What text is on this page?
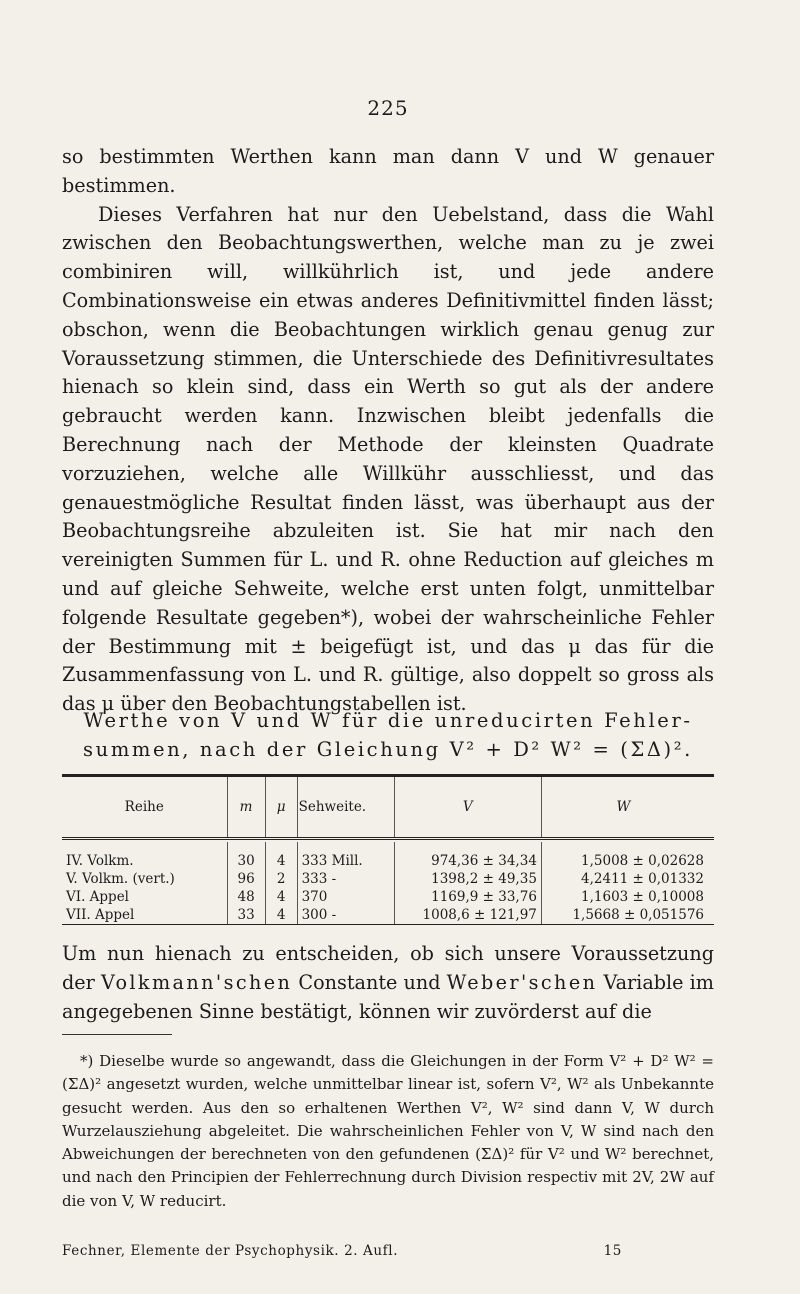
225

so bestimmten Werthen kann man dann V und W genauer bestimmen.

Dieses Verfahren hat nur den Uebelstand, dass die Wahl zwischen den Beobachtungswerthen, welche man zu je zwei combiniren will, willkührlich ist, und jede andere Combinationsweise ein etwas anderes Definitivmittel finden lässt; obschon, wenn die Beobachtungen wirklich genau genug zur Voraussetzung stimmen, die Unterschiede des Definitivresultates hienach so klein sind, dass ein Werth so gut als der andere gebraucht werden kann. Inzwischen bleibt jedenfalls die Berechnung nach der Methode der kleinsten Quadrate vorzuziehen, welche alle Willkühr ausschliesst, und das genauestmögliche Resultat finden lässt, was überhaupt aus der Beobachtungsreihe abzuleiten ist. Sie hat mir nach den vereinigten Summen für L. und R. ohne Reduction auf gleiches m und auf gleiche Sehweite, welche erst unten folgt, unmittelbar folgende Resultate gegeben*), wobei der wahrscheinliche Fehler der Bestimmung mit ± beigefügt ist, und das μ das für die Zusammenfassung von L. und R. gültige, also doppelt so gross als das μ über den Beobachtungstabellen ist.

Werthe von V und W für die unreducirten Fehler-
summen, nach der Gleichung V² + D² W² = (ΣΔ)².
Reihe	m	μ	Sehweite.	V	W

IV. Volkm.	30	4	333 Mill.	974,36 ± 34,34	1,5008 ± 0,02628
V. Volkm. (vert.)	96	2	333 -	1398,2 ± 49,35	4,2411 ± 0,01332
VI. Appel	48	4	370	1169,9 ± 33,76	1,1603 ± 0,10008
VII. Appel	33	4	300 -	1008,6 ± 121,97	1,5668 ± 0,051576

Um nun hienach zu entscheiden, ob sich unsere Voraussetzung der Volkmann'schen Constante und Weber'schen Variable im angegebenen Sinne bestätigt, können wir zuvörderst auf die

*) Dieselbe wurde so angewandt, dass die Gleichungen in der Form V² + D² W² = (ΣΔ)² angesetzt wurden, welche unmittelbar linear ist, sofern V², W² als Unbekannte gesucht werden. Aus den so erhaltenen Werthen V², W² sind dann V, W durch Wurzelausziehung abgeleitet. Die wahrscheinlichen Fehler von V, W sind nach den Abweichungen der berechneten von den gefundenen (ΣΔ)² für V² und W² berechnet, und nach den Principien der Fehlerrechnung durch Division respectiv mit 2V, 2W auf die von V, W reducirt.

Fechner, Elemente der Psychophysik. 2. Aufl.	15
